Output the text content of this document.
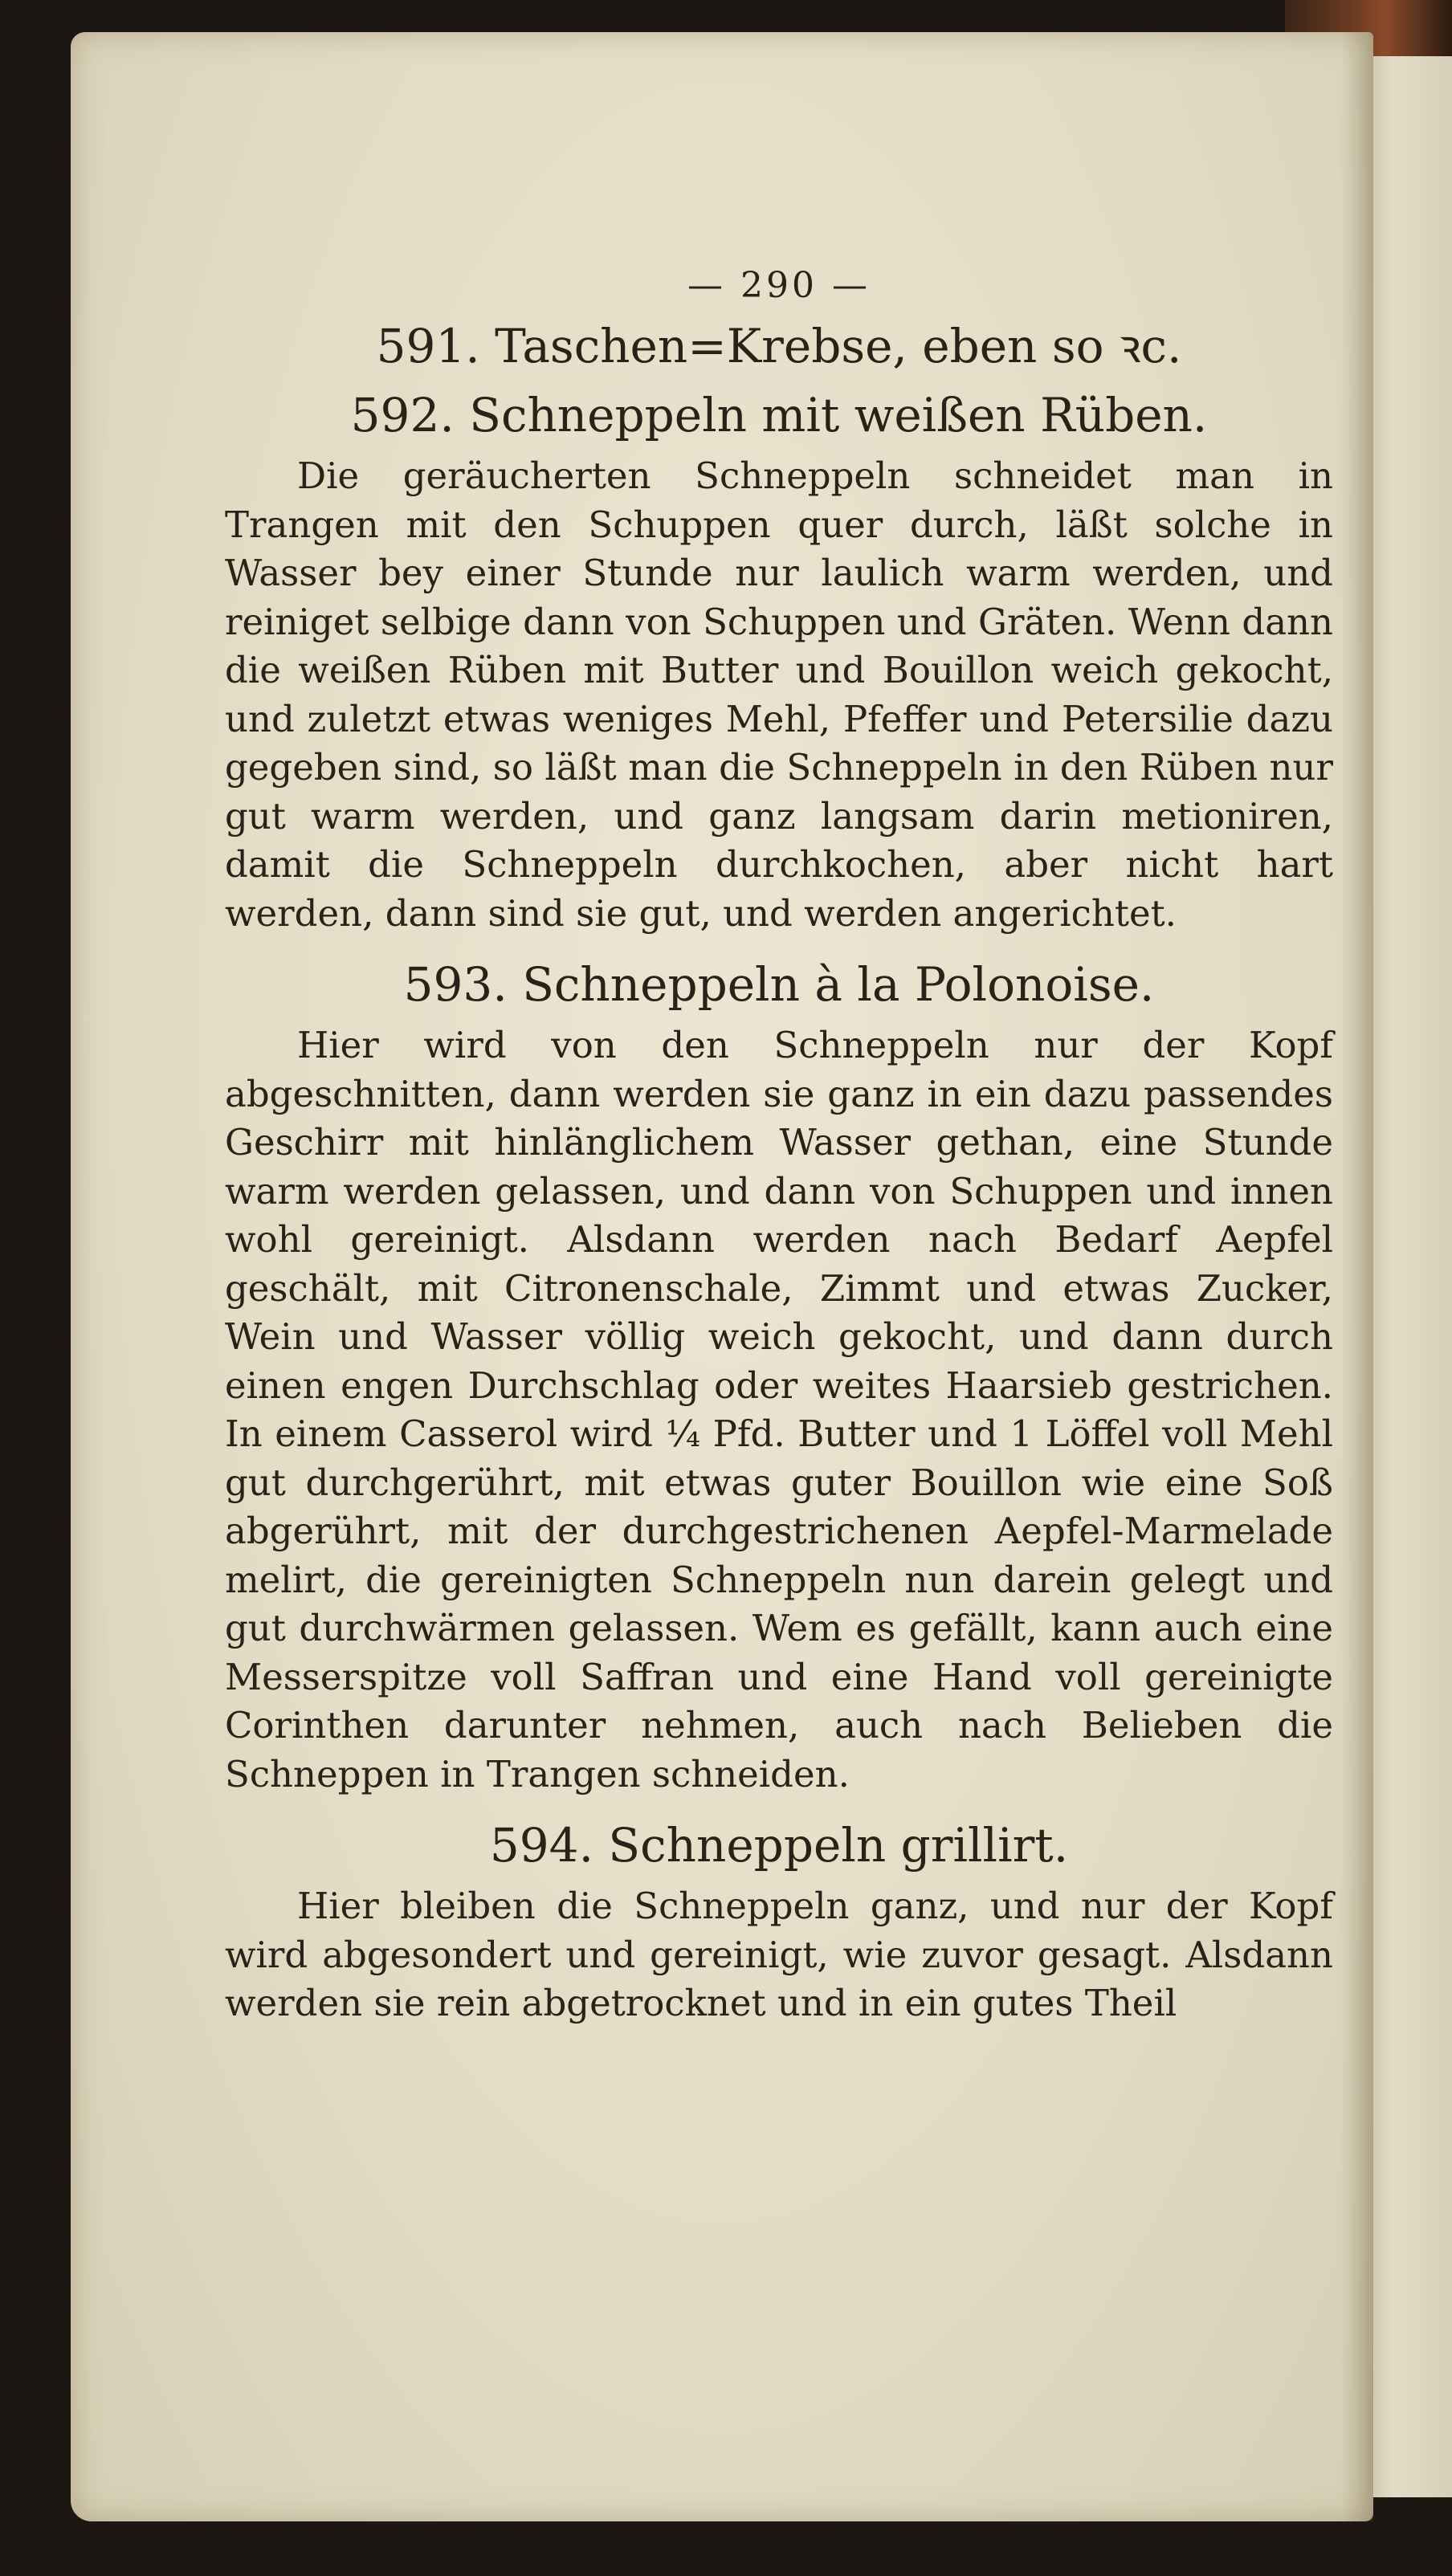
— 290 —
591. Taschen=Krebse, eben so ꝛc.
592. Schneppeln mit weißen Rüben.

Die geräucherten Schneppeln schneidet man in Trangen mit den Schuppen quer durch, läßt solche in Wasser bey einer Stunde nur laulich warm werden, und reiniget selbige dann von Schuppen und Gräten. Wenn dann die weißen Rüben mit Butter und Bouillon weich gekocht, und zuletzt etwas weniges Mehl, Pfeffer und Petersilie dazu gegeben sind, so läßt man die Schneppeln in den Rüben nur gut warm werden, und ganz langsam darin metioniren, damit die Schneppeln durchkochen, aber nicht hart werden, dann sind sie gut, und werden angerichtet.

593. Schneppeln à la Polonoise.

Hier wird von den Schneppeln nur der Kopf abgeschnitten, dann werden sie ganz in ein dazu passendes Geschirr mit hinlänglichem Wasser gethan, eine Stunde warm werden gelassen, und dann von Schuppen und innen wohl gereinigt. Alsdann werden nach Bedarf Aepfel geschält, mit Citronenschale, Zimmt und etwas Zucker, Wein und Wasser völlig weich gekocht, und dann durch einen engen Durchschlag oder weites Haarsieb gestrichen. In einem Casserol wird ¼ Pfd. Butter und 1 Löffel voll Mehl gut durchgerührt, mit etwas guter Bouillon wie eine Soß abgerührt, mit der durchgestrichenen Aepfel-Marmelade melirt, die gereinigten Schneppeln nun darein gelegt und gut durchwärmen gelassen. Wem es gefällt, kann auch eine Messerspitze voll Saffran und eine Hand voll gereinigte Corinthen darunter nehmen, auch nach Belieben die Schneppen in Trangen schneiden.

594. Schneppeln grillirt.

Hier bleiben die Schneppeln ganz, und nur der Kopf wird abgesondert und gereinigt, wie zuvor gesagt. Alsdann werden sie rein abgetrocknet und in ein gutes Theil
